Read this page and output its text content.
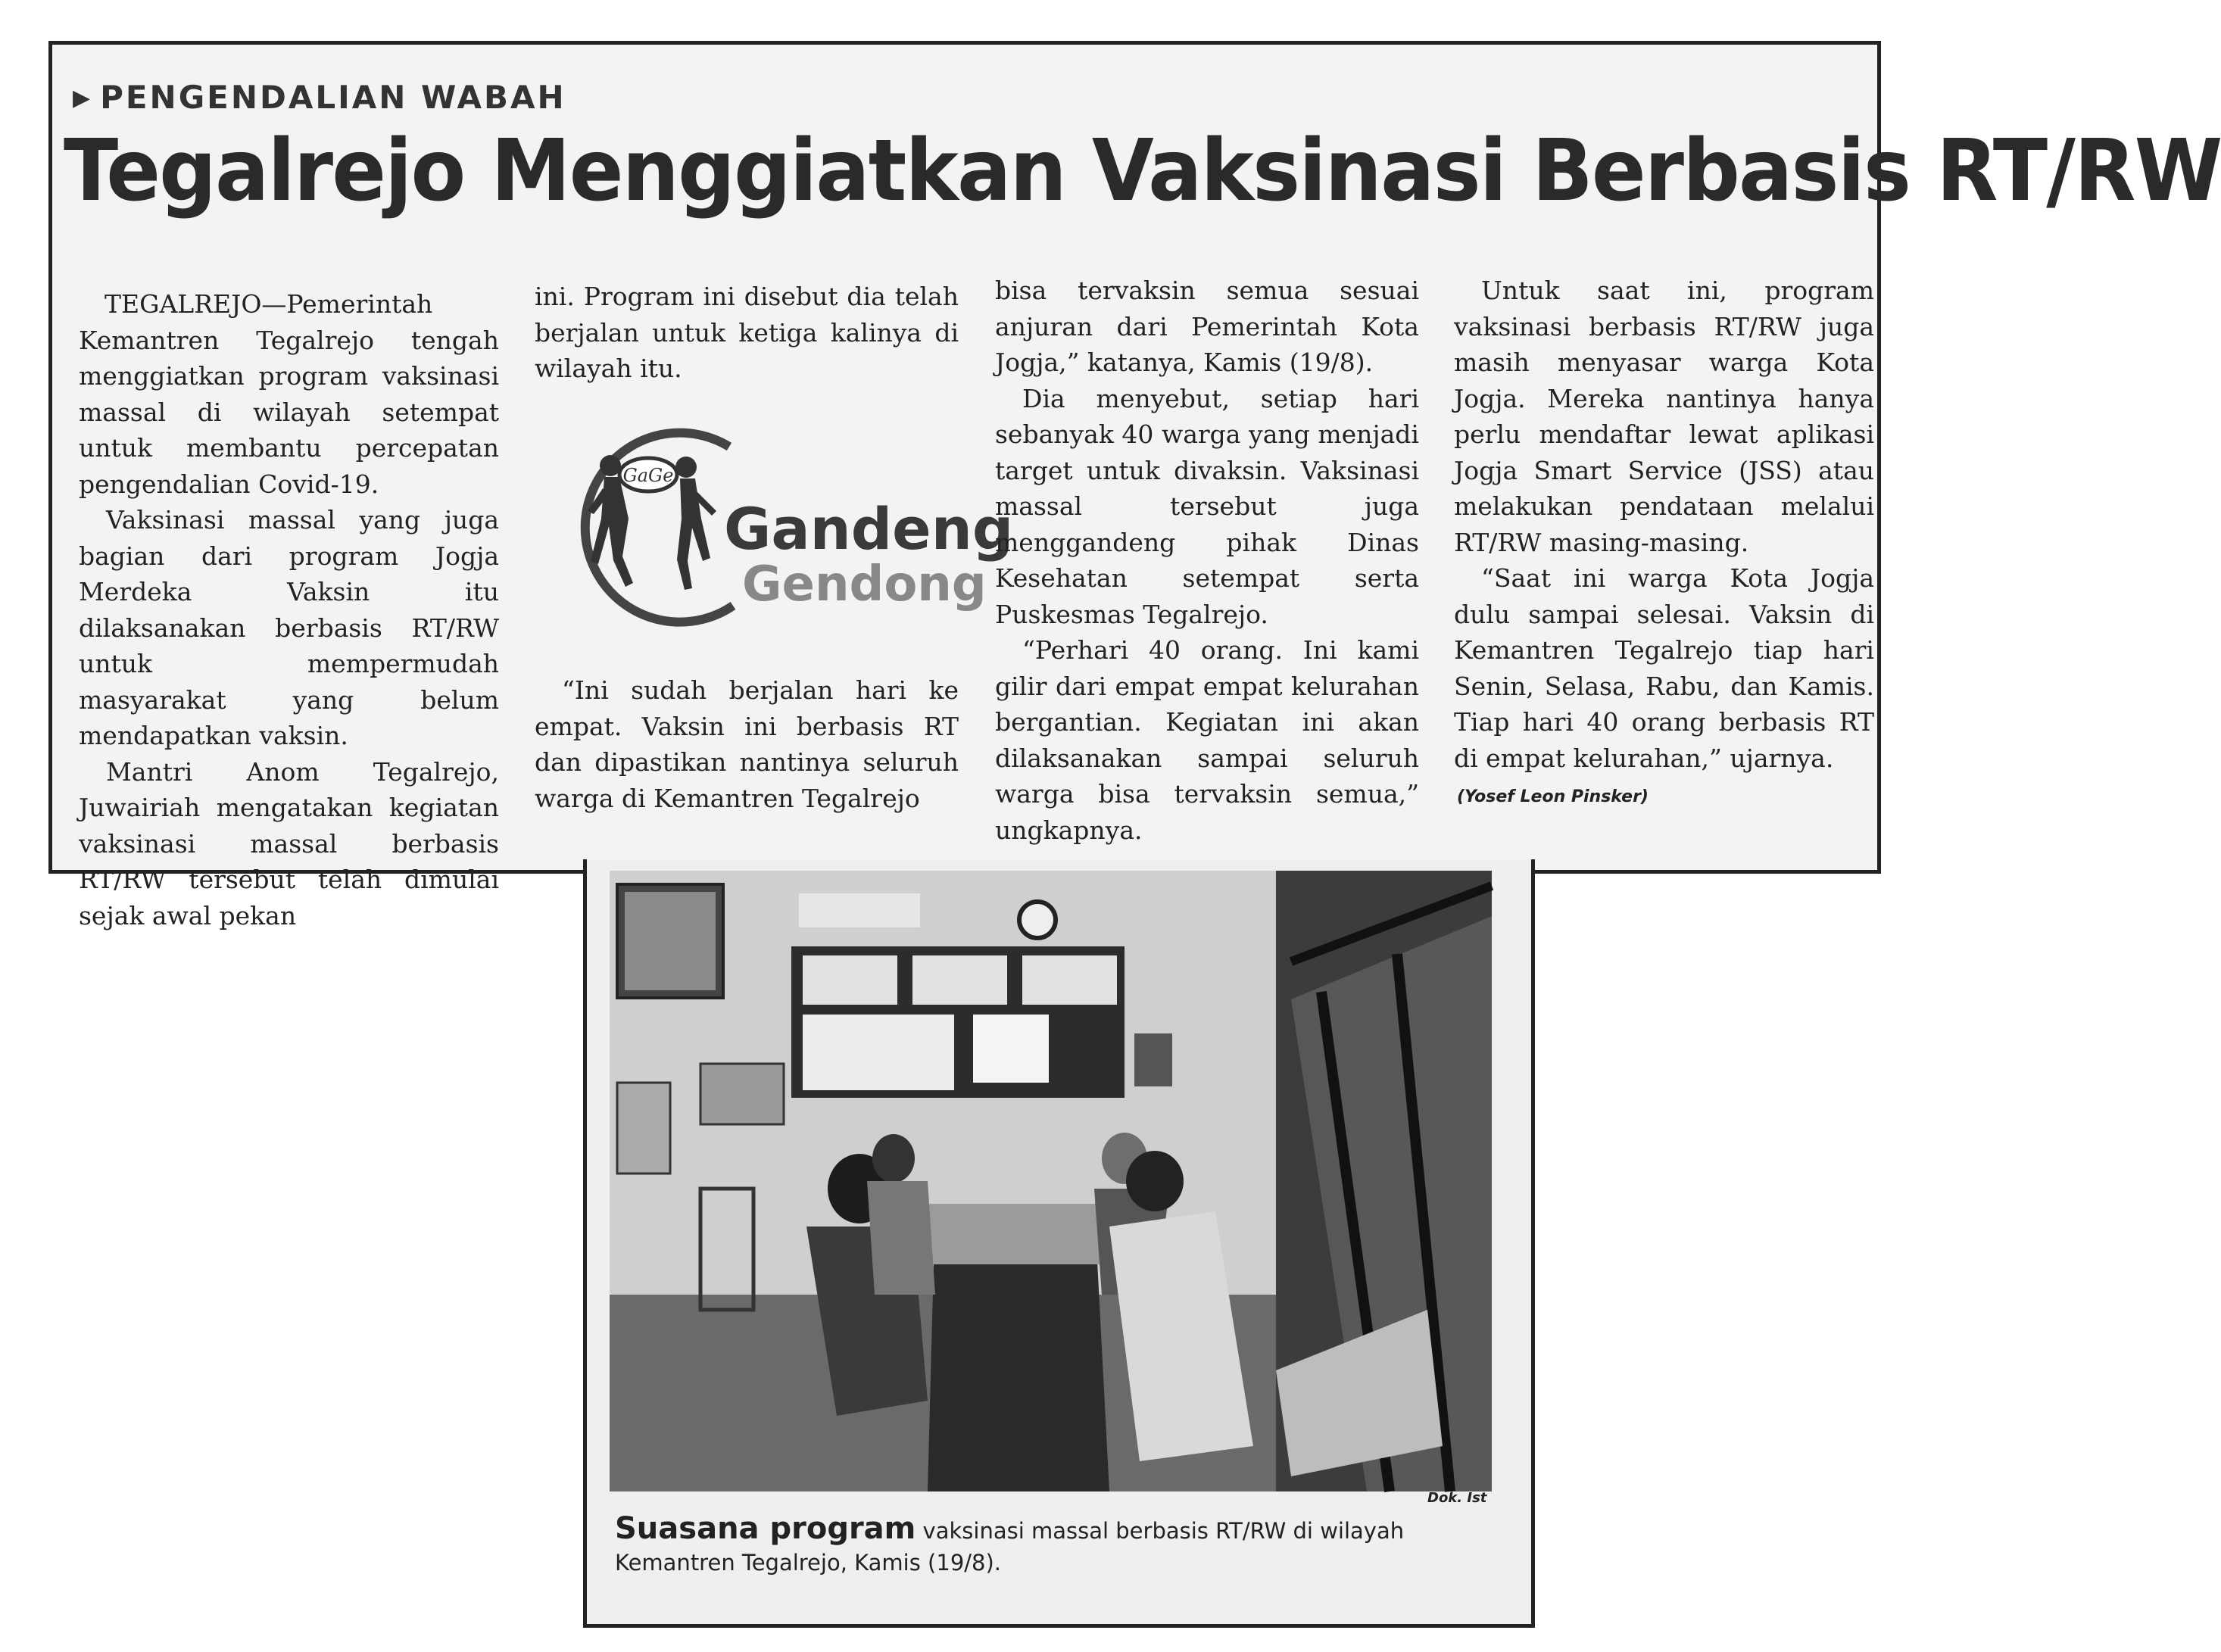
▶ PENGENDALIAN WABAH
Tegalrejo Menggiatkan Vaksinasi Berbasis RT/RW

TEGALREJO—Pemerintah Kemantren Tegalrejo tengah menggiatkan program vaksinasi massal di wilayah setempat untuk membantu percepatan pengendalian Covid-19.

Vaksinasi massal yang juga bagian dari program Jogja Merdeka Vaksin itu dilaksanakan berbasis RT/RW untuk mempermudah masyarakat yang belum mendapatkan vaksin.

Mantri Anom Tegalrejo, Juwairiah mengatakan kegiatan vaksinasi massal berbasis RT/RW tersebut telah dimulai sejak awal pekan

ini. Program ini disebut dia telah berjalan untuk ketiga kalinya di wilayah itu.

GaGe
Gandeng
Gendong

“Ini sudah berjalan hari ke empat. Vaksin ini berbasis RT dan dipastikan nantinya seluruh warga di Kemantren Tegalrejo

bisa tervaksin semua sesuai anjuran dari Pemerintah Kota Jogja,” katanya, Kamis (19/8).

Dia menyebut, setiap hari sebanyak 40 warga yang menjadi target untuk divaksin. Vaksinasi massal tersebut juga menggandeng pihak Dinas Kesehatan setempat serta Puskesmas Tegalrejo.

“Perhari 40 orang. Ini kami gilir dari empat empat kelurahan bergantian. Kegiatan ini akan dilaksanakan sampai seluruh warga bisa tervaksin semua,” ungkapnya.

Untuk saat ini, program vaksinasi berbasis RT/RW juga masih menyasar warga Kota Jogja. Mereka nantinya hanya perlu mendaftar lewat aplikasi Jogja Smart Service (JSS) atau melakukan pendataan melalui RT/RW masing-masing.

“Saat ini warga Kota Jogja dulu sampai selesai. Vaksin di Kemantren Tegalrejo tiap hari Senin, Selasa, Rabu, dan Kamis. Tiap hari 40 orang berbasis RT di empat kelurahan,” ujarnya.

(Yosef Leon Pinsker)
Dok. Ist
Suasana program vaksinasi massal berbasis RT/RW di wilayah Kemantren Tegalrejo, Kamis (19/8).
